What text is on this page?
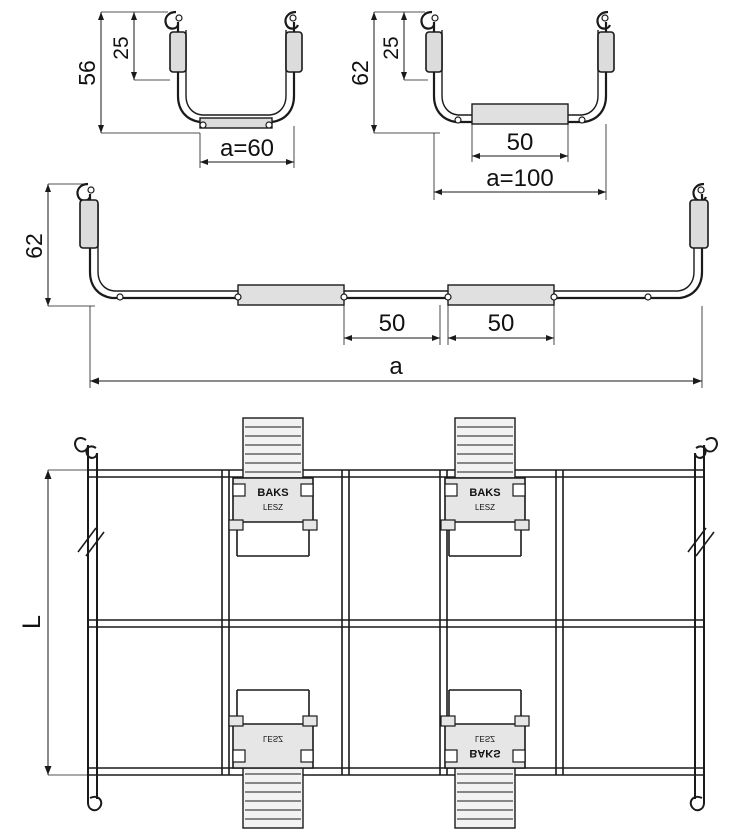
56
25
a=60
62
25
50
a=100
62
50	50
a
L
BAKS
LESZ
BAKS
LESZ
LESZ
BAKS
LESZ
